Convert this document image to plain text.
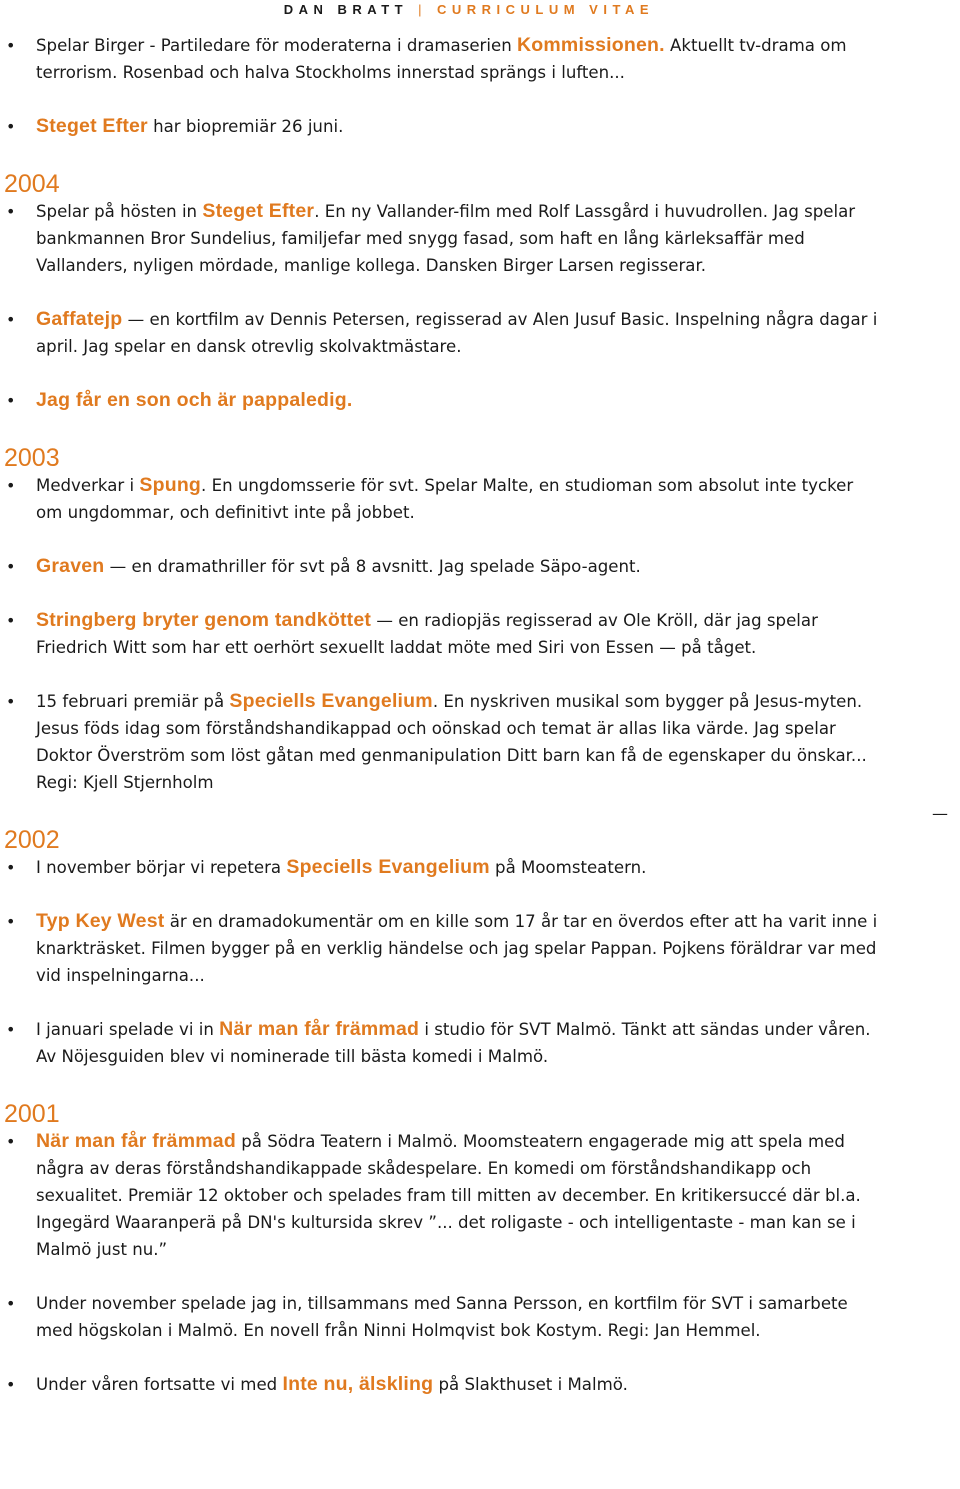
DAN BRATT | CURRICULUM VITAE
—
• Spelar Birger - Partiledare för moderaterna i dramaserien Kommissionen. Aktuellt tv-drama om terrorism. Rosenbad och halva Stockholms innerstad sprängs i luften...
• Steget Efter har biopremiär 26 juni.
2004
• Spelar på hösten in Steget Efter. En ny Vallander-film med Rolf Lassgård i huvudrollen. Jag spelar bankmannen Bror Sundelius, familjefar med snygg fasad, som haft en lång kärleksaffär med Vallanders, nyligen mördade, manlige kollega. Dansken Birger Larsen regisserar.
• Gaffatejp — en kortfilm av Dennis Petersen, regisserad av Alen Jusuf Basic. Inspelning några dagar i april. Jag spelar en dansk otrevlig skolvaktmästare.
• Jag får en son och är pappaledig.
2003
• Medverkar i Spung. En ungdomsserie för svt. Spelar Malte, en studioman som absolut inte tycker om ungdommar, och definitivt inte på jobbet.
• Graven — en dramathriller för svt på 8 avsnitt. Jag spelade Säpo-agent.
• Stringberg bryter genom tandköttet — en radiopjäs regisserad av Ole Kröll, där jag spelar Friedrich Witt som har ett oerhört sexuellt laddat möte med Siri von Essen — på tåget.
• 15 februari premiär på Speciells Evangelium. En nyskriven musikal som bygger på Jesus-myten. Jesus föds idag som förståndshandikappad och oönskad och temat är allas lika värde. Jag spelar Doktor Överström som löst gåtan med genmanipulation Ditt barn kan få de egenskaper du önskar... Regi: Kjell Stjernholm
2002
• I november börjar vi repetera Speciells Evangelium på Moomsteatern.
• Typ Key West är en dramadokumentär om en kille som 17 år tar en överdos efter att ha varit inne i knarkträsket. Filmen bygger på en verklig händelse och jag spelar Pappan. Pojkens föräldrar var med vid inspelningarna...
• I januari spelade vi in När man får främmad i studio för SVT Malmö. Tänkt att sändas under våren. Av Nöjesguiden blev vi nominerade till bästa komedi i Malmö.
2001
• När man får främmad på Södra Teatern i Malmö. Moomsteatern engagerade mig att spela med några av deras förståndshandikappade skådespelare. En komedi om förståndshandikapp och sexualitet. Premiär 12 oktober och spelades fram till mitten av december. En kritikersuccé där bl.a. Ingegärd Waaranperä på DN's kultursida skrev ”... det roligaste - och intelligentaste - man kan se i Malmö just nu.”
• Under november spelade jag in, tillsammans med Sanna Persson, en kortfilm för SVT i samarbete med högskolan i Malmö. En novell från Ninni Holmqvist bok Kostym. Regi: Jan Hemmel.
• Under våren fortsatte vi med Inte nu, älskling på Slakthuset i Malmö.
